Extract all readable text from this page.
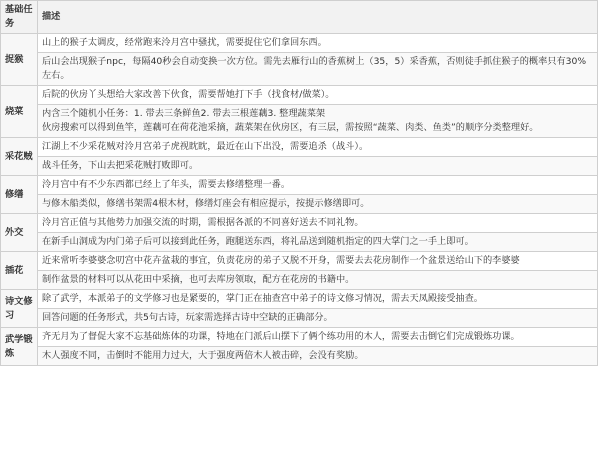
基础任务	描述
捉猴	山上的猴子太调皮，经常跑来泠月宫中骚扰，需要捉住它们拿回东西。
	后山会出现猴子npc，每隔40秒会自动变换一次方位。需先去雁行山的香蕉树上（35，5）采香蕉，否则徒手抓住猴子的概率只有30%左右。
烧菜	后院的伙房丫头想给大家改善下伙食，需要帮她打下手（找食材/做菜）。
	内含三个随机小任务：1. 带去三条鲜鱼2. 带去三根莲藕3. 整理蔬菜架
伙房搜索可以得到鱼竿，莲藕可在荷花池采摘，蔬菜架在伙房区，有三层，需按照“蔬菜、肉类、鱼类”的顺序分类整理好。
采花贼	江湖上不少采花贼对泠月宫弟子虎视眈眈，最近在山下出没，需要追杀（战斗）。
	战斗任务，下山去把采花贼打败即可。
修缮	泠月宫中有不少东西都已经上了年头，需要去修缮整理一番。
	与修木船类似，修缮书架需4根木材，修缮灯座会有相应提示，按提示修缮即可。
外交	泠月宫正值与其他势力加强交流的时期，需根据各派的不同喜好送去不同礼物。
	在新手山洞成为内门弟子后可以接到此任务，跑腿送东西，将礼品送到随机指定的四大掌门之一手上即可。
插花	近来常听李婆婆念叨宫中花卉盆栽的事宜，负责花房的弟子又脱不开身，需要去去花房制作一个盆景送给山下的李婆婆
	制作盆景的材料可以从花田中采摘，也可去库房领取，配方在花房的书籍中。
诗文修习	除了武学，本派弟子的文学修习也是紧要的，掌门正在抽查宫中弟子的诗文修习情况，需去天凤殿接受抽查。
	回答问题的任务形式，共5句古诗，玩家需选择古诗中空缺的正确部分。
武学锻炼	齐无月为了督促大家不忘基础炼体的功课，特地在门派后山摆下了俩个练功用的木人，需要去击倒它们完成锻炼功课。
	木人强度不同，击倒时不能用力过大，大于强度两倍木人被击碎，会没有奖励。
